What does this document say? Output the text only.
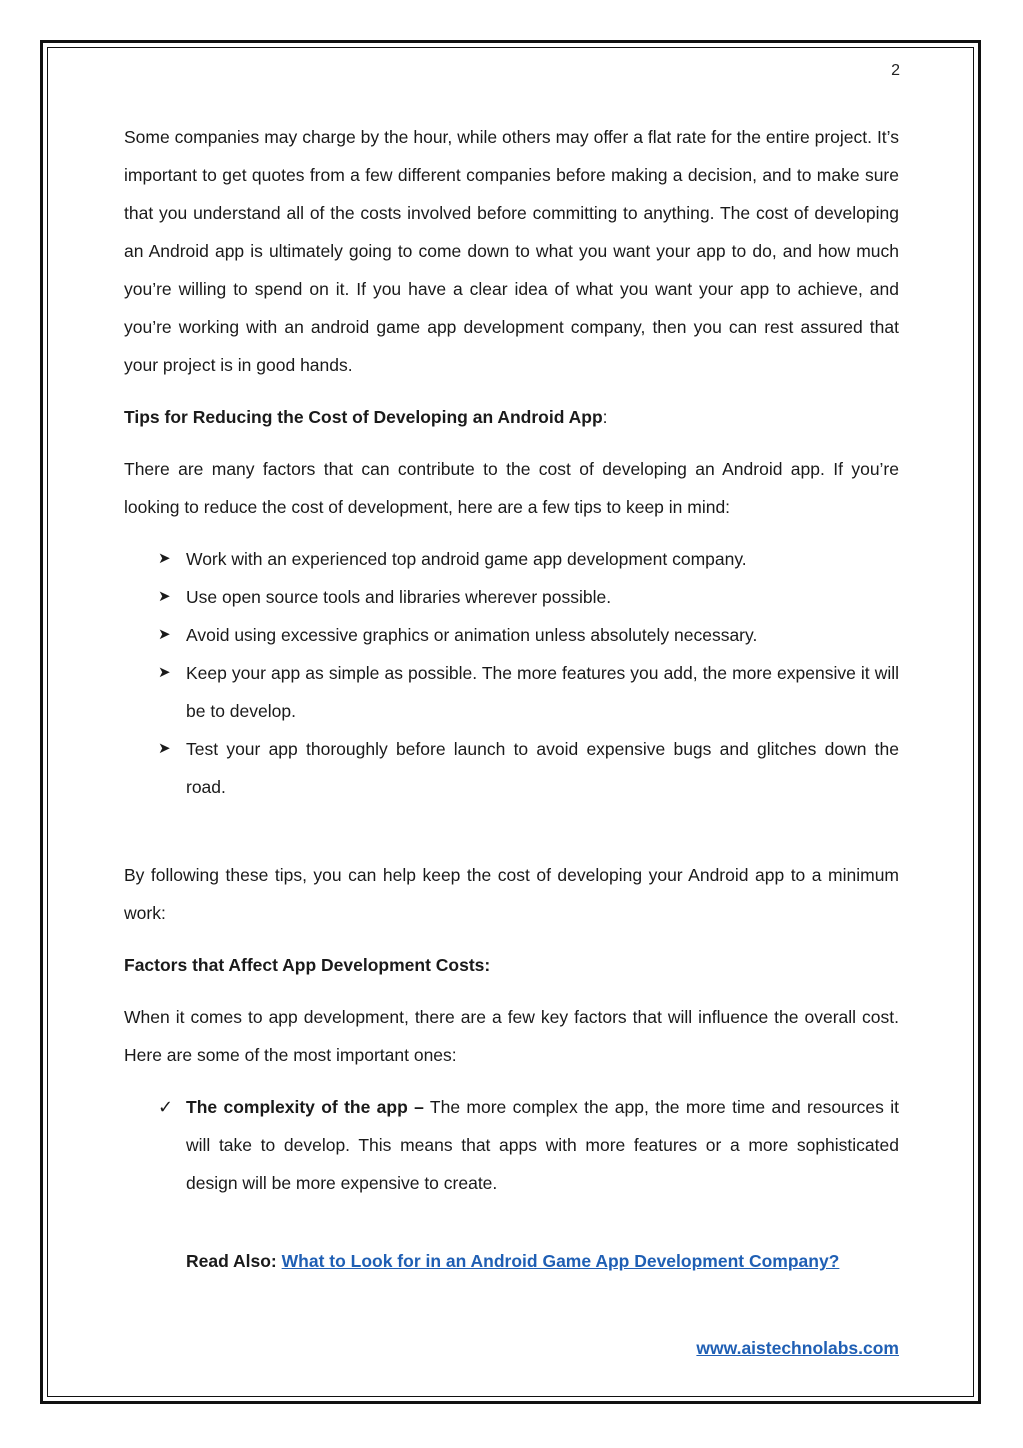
2

Some companies may charge by the hour, while others may offer a flat rate for the entire project. It’s important to get quotes from a few different companies before making a decision, and to make sure that you understand all of the costs involved before committing to anything. The cost of developing an Android app is ultimately going to come down to what you want your app to do, and how much you’re willing to spend on it. If you have a clear idea of what you want your app to achieve, and you’re working with an android game app development company, then you can rest assured that your project is in good hands.

Tips for Reducing the Cost of Developing an Android App:

There are many factors that can contribute to the cost of developing an Android app. If you’re looking to reduce the cost of development, here are a few tips to keep in mind:

➤ Work with an experienced top android game app development company.
➤ Use open source tools and libraries wherever possible.
➤ Avoid using excessive graphics or animation unless absolutely necessary.
➤ Keep your app as simple as possible. The more features you add, the more expensive it will be to develop.
➤ Test your app thoroughly before launch to avoid expensive bugs and glitches down the road.

By following these tips, you can help keep the cost of developing your Android app to a minimum work:

Factors that Affect App Development Costs:

When it comes to app development, there are a few key factors that will influence the overall cost. Here are some of the most important ones:

✓ The complexity of the app – The more complex the app, the more time and resources it will take to develop. This means that apps with more features or a more sophisticated design will be more expensive to create.
Read Also: What to Look for in an Android Game App Development Company?
www.aistechnolabs.com
